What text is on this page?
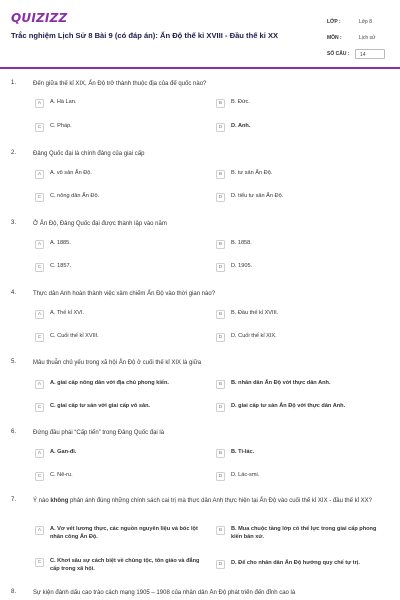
QUIZIZZ
Trắc nghiệm Lịch Sử 8 Bài 9 (có đáp án): Ấn Độ thế kỉ XVIII - Đầu thế kỉ XX
LỚP :	Lớp 8
MÔN :	Lịch sử
SỐ CÂU :	14
1.	Đến giữa thế kỉ XIX, Ấn Độ trở thành thuộc địa của đế quốc nào?
A	A. Hà Lan.	B	B. Đức.
C	C. Pháp.	D	D. Anh.
2.	Đảng Quốc đại là chính đảng của giai cấp
A	A. vô sản Ấn Độ.	B	B. tư sản Ấn Độ.
C	C. nông dân Ấn Độ.	D	D. tiểu tư sản Ấn Độ.
3.	Ở Ấn Độ, Đảng Quốc đại được thành lập vào năm
A	A. 1885.	B	B. 1858.
C	C. 1857.	D	D. 1905.
4.	Thực dân Anh hoàn thành việc xâm chiếm Ấn Độ vào thời gian nào?
A	A. Thế kỉ XVI.	B	B. Đầu thế kỉ XVIII.
C	C. Cuối thế kỉ XVIII.	D	D. Cuối thế kỉ XIX.
5.	Mâu thuẫn chủ yếu trong xã hội Ấn Độ ở cuối thế kỉ XIX là giữa
A	A. giai cấp nông dân với địa chủ phong kiến.	B	B. nhân dân Ấn Độ với thực dân Anh.
C	C. giai cấp tư sản với giai cấp vô sản.	D	D. giai cấp tư sản Ấn Độ với thực dân Anh.
6.	Đứng đầu phái “Cấp tiến” trong Đảng Quốc đại là
A	A. Gan-đi.	B	B. Ti-lác.
C	C. Nê-ru.	D	D. Lác-smi.
7.	Ý nào không phản ánh đúng những chính sách cai trị mà thực dân Anh thực hiện tại Ấn Độ vào cuối thế kỉ XIX - đầu thế kỉ XX?
A	A. Vơ vét lương thực, các nguồn nguyên liệu và bóc lột nhân công Ấn Độ.
B	B. Mua chuộc tầng lớp có thế lực trong giai cấp phong kiến bản xứ.
C	C. Khơi sâu sự cách biệt về chủng tộc, tôn giáo và đẳng cấp trong xã hội.
D	D. Để cho nhân dân Ấn Độ hưởng quy chế tự trị.
8.	Sự kiện đánh dấu cao trào cách mạng 1905 – 1908 của nhân dân Ấn Độ phát triển đến đỉnh cao là
